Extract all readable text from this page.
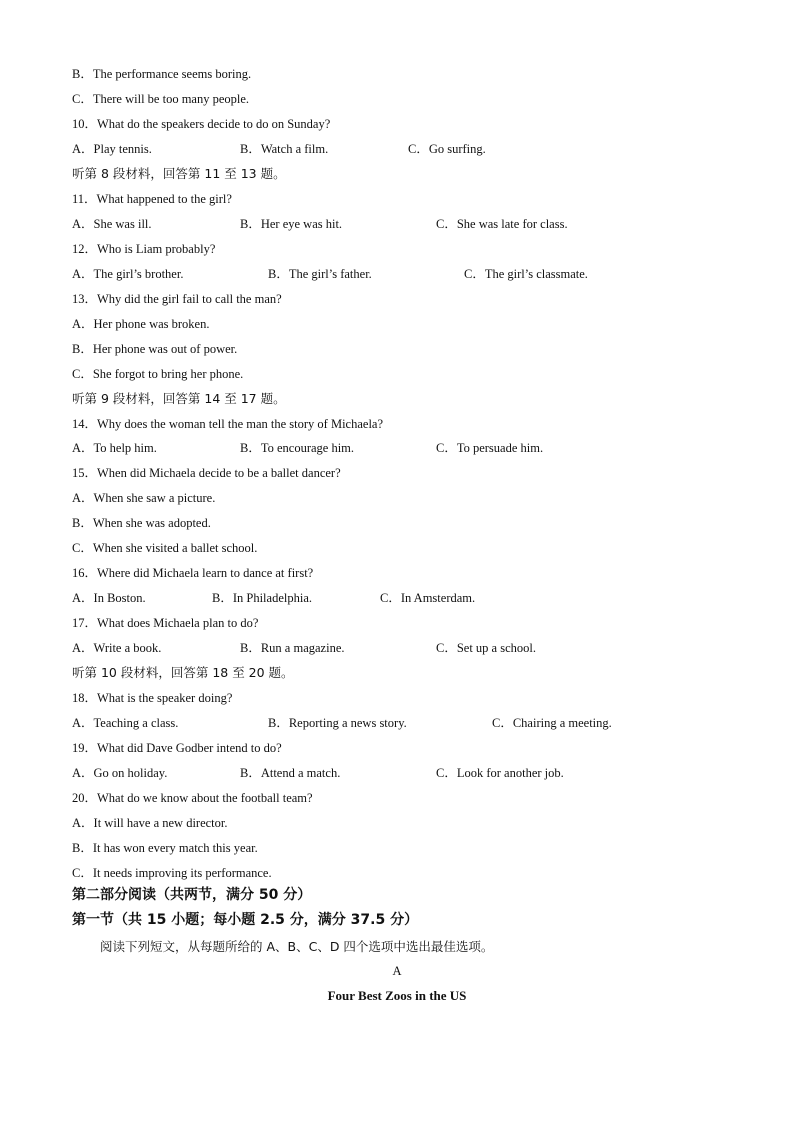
B．The performance seems boring.
C．There will be too many people.
10．What do the speakers decide to do on Sunday?
A．Play tennis.	B．Watch a film.	C．Go surfing.
听第 8 段材料，回答第 11 至 13 题。
11．What happened to the girl?
A．She was ill.	B．Her eye was hit.	C．She was late for class.
12．Who is Liam probably?
A．The girl’s brother.	B．The girl’s father.	C．The girl’s classmate.
13．Why did the girl fail to call the man?
A．Her phone was broken.
B．Her phone was out of power.
C．She forgot to bring her phone.
听第 9 段材料，回答第 14 至 17 题。
14．Why does the woman tell the man the story of Michaela?
A．To help him.	B．To encourage him.	C．To persuade him.
15．When did Michaela decide to be a ballet dancer?
A．When she saw a picture.
B．When she was adopted.
C．When she visited a ballet school.
16．Where did Michaela learn to dance at first?
A．In Boston.	B．In Philadelphia.	C．In Amsterdam.
17．What does Michaela plan to do?
A．Write a book.	B．Run a magazine.	C．Set up a school.
听第 10 段材料，回答第 18 至 20 题。
18．What is the speaker doing?
A．Teaching a class.	B．Reporting a news story.	C．Chairing a meeting.
19．What did Dave Godber intend to do?
A．Go on holiday.	B．Attend a match.	C．Look for another job.
20．What do we know about the football team?
A．It will have a new director.
B．It has won every match this year.
C．It needs improving its performance.
第二部分阅读（共两节，满分 50 分）
第一节（共 15 小题；每小题 2.5 分，满分 37.5 分）
阅读下列短文，从每题所给的 A、B、C、D 四个选项中选出最佳选项。
A
Four Best Zoos in the US
